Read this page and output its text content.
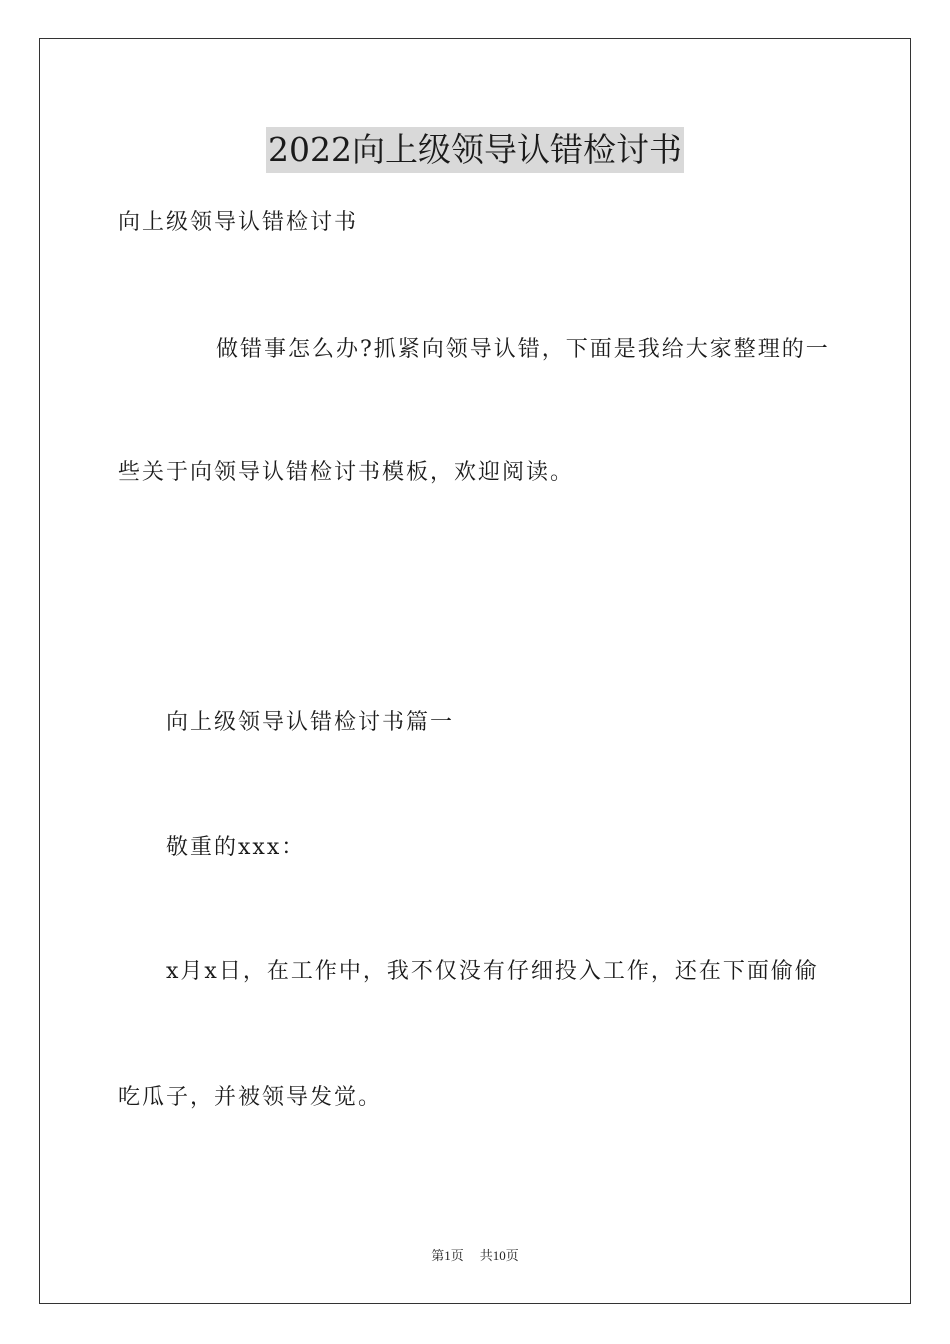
2022向上级领导认错检讨书
向上级领导认错检讨书
做错事怎么办?抓紧向领导认错，下面是我给大家整理的一
些关于向领导认错检讨书模板，欢迎阅读。
向上级领导认错检讨书篇一
敬重的xxx：
x月x日，在工作中，我不仅没有仔细投入工作，还在下面偷偷
吃瓜子，并被领导发觉。
第1页 共10页
